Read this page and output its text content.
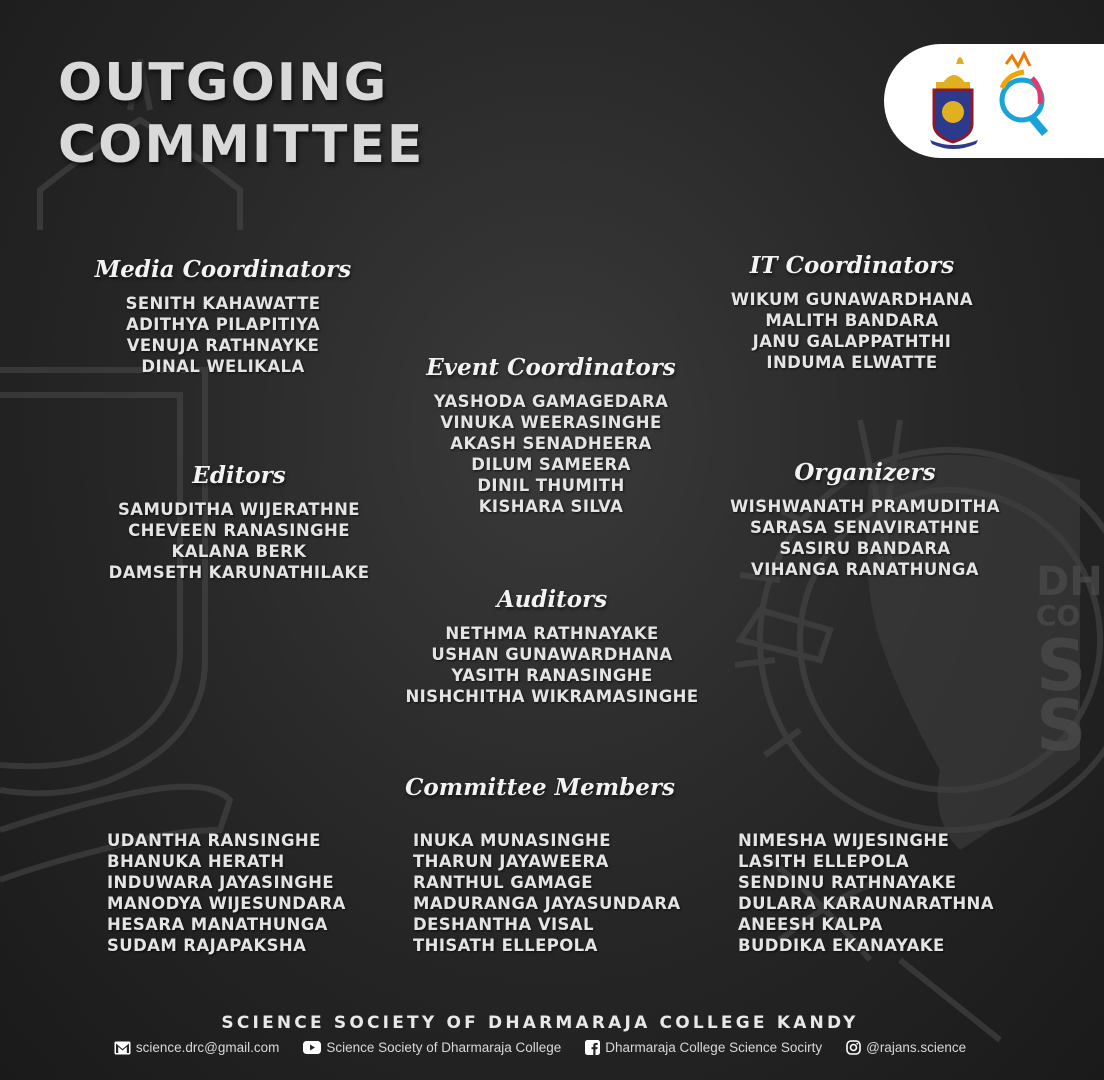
DH
CO
S
S
OUTGOING
COMMITTEE
Media Coordinators
SENITH KAHAWATTE
ADITHYA PILAPITIYA
VENUJA RATHNAYKE
DINAL WELIKALA
IT Coordinators
WIKUM GUNAWARDHANA
MALITH BANDARA
JANU GALAPPATHTHI
INDUMA ELWATTE
Event Coordinators
YASHODA GAMAGEDARA
VINUKA WEERASINGHE
AKASH SENADHEERA
DILUM SAMEERA
DINIL THUMITH
KISHARA SILVA
Editors
SAMUDITHA WIJERATHNE
CHEVEEN RANASINGHE
KALANA BERK
DAMSETH KARUNATHILAKE
Organizers
WISHWANATH PRAMUDITHA
SARASA SENAVIRATHNE
SASIRU BANDARA
VIHANGA RANATHUNGA
Auditors
NETHMA RATHNAYAKE
USHAN GUNAWARDHANA
YASITH RANASINGHE
NISHCHITHA WIKRAMASINGHE
Committee Members
UDANTHA RANSINGHE
BHANUKA HERATH
INDUWARA JAYASINGHE
MANODYA WIJESUNDARA
HESARA MANATHUNGA
SUDAM RAJAPAKSHA
INUKA MUNASINGHE
THARUN JAYAWEERA
RANTHUL GAMAGE
MADURANGA JAYASUNDARA
DESHANTHA VISAL
THISATH ELLEPOLA
NIMESHA WIJESINGHE
LASITH ELLEPOLA
SENDINU RATHNAYAKE
DULARA KARAUNARATHNA
ANEESH KALPA
BUDDIKA EKANAYAKE
SCIENCE SOCIETY OF DHARMARAJA COLLEGE KANDY
science.drc@gmail.com	Science Society of Dharmaraja College	Dharmaraja College Science Socirty	@rajans.science
